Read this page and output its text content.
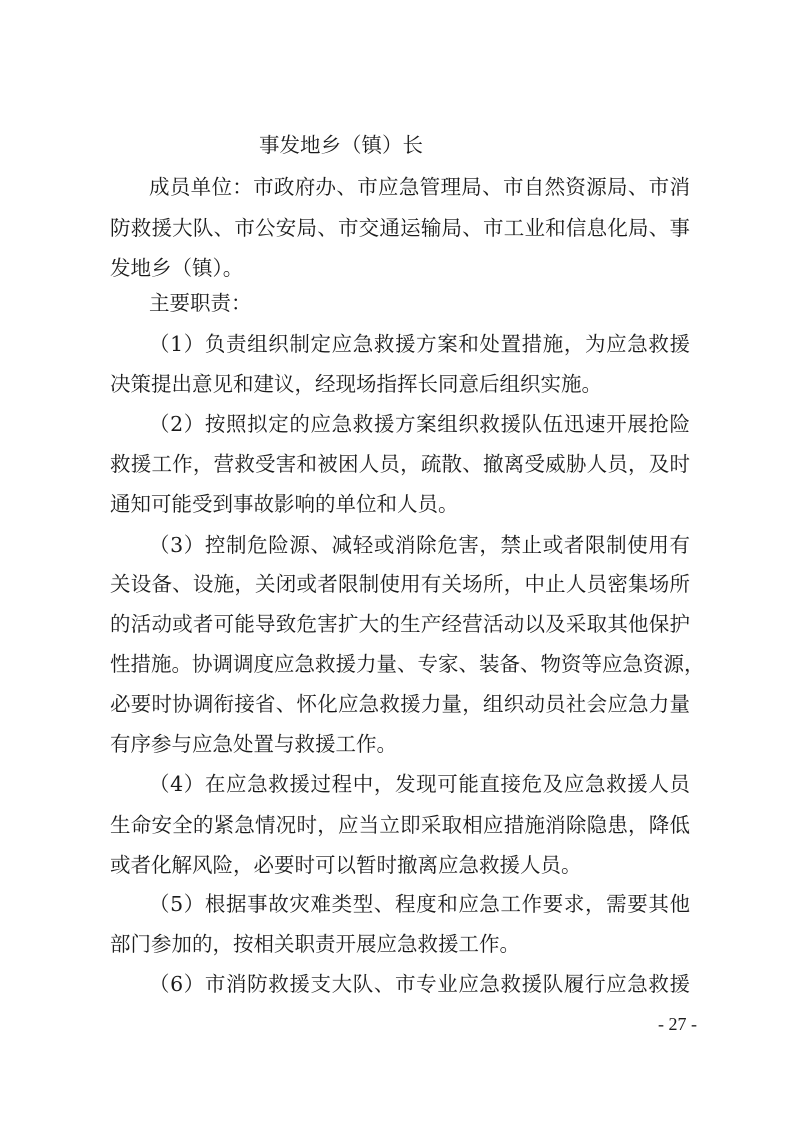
事发地乡（镇）长
成员单位：市政府办、市应急管理局、市自然资源局、市消
防救援大队、市公安局、市交通运输局、市工业和信息化局、事
发地乡（镇）。
主要职责：
（1）负责组织制定应急救援方案和处置措施，为应急救援
决策提出意见和建议，经现场指挥长同意后组织实施。
（2）按照拟定的应急救援方案组织救援队伍迅速开展抢险
救援工作，营救受害和被困人员，疏散、撤离受威胁人员，及时
通知可能受到事故影响的单位和人员。
（3）控制危险源、减轻或消除危害，禁止或者限制使用有
关设备、设施，关闭或者限制使用有关场所，中止人员密集场所
的活动或者可能导致危害扩大的生产经营活动以及采取其他保护
性措施。协调调度应急救援力量、专家、装备、物资等应急资源，
必要时协调衔接省、怀化应急救援力量，组织动员社会应急力量
有序参与应急处置与救援工作。
（4）在应急救援过程中，发现可能直接危及应急救援人员
生命安全的紧急情况时，应当立即采取相应措施消除隐患，降低
或者化解风险，必要时可以暂时撤离应急救援人员。
（5）根据事故灾难类型、程度和应急工作要求，需要其他
部门参加的，按相关职责开展应急救援工作。
（6）市消防救援支大队、市专业应急救援队履行应急救援
- 27 -
